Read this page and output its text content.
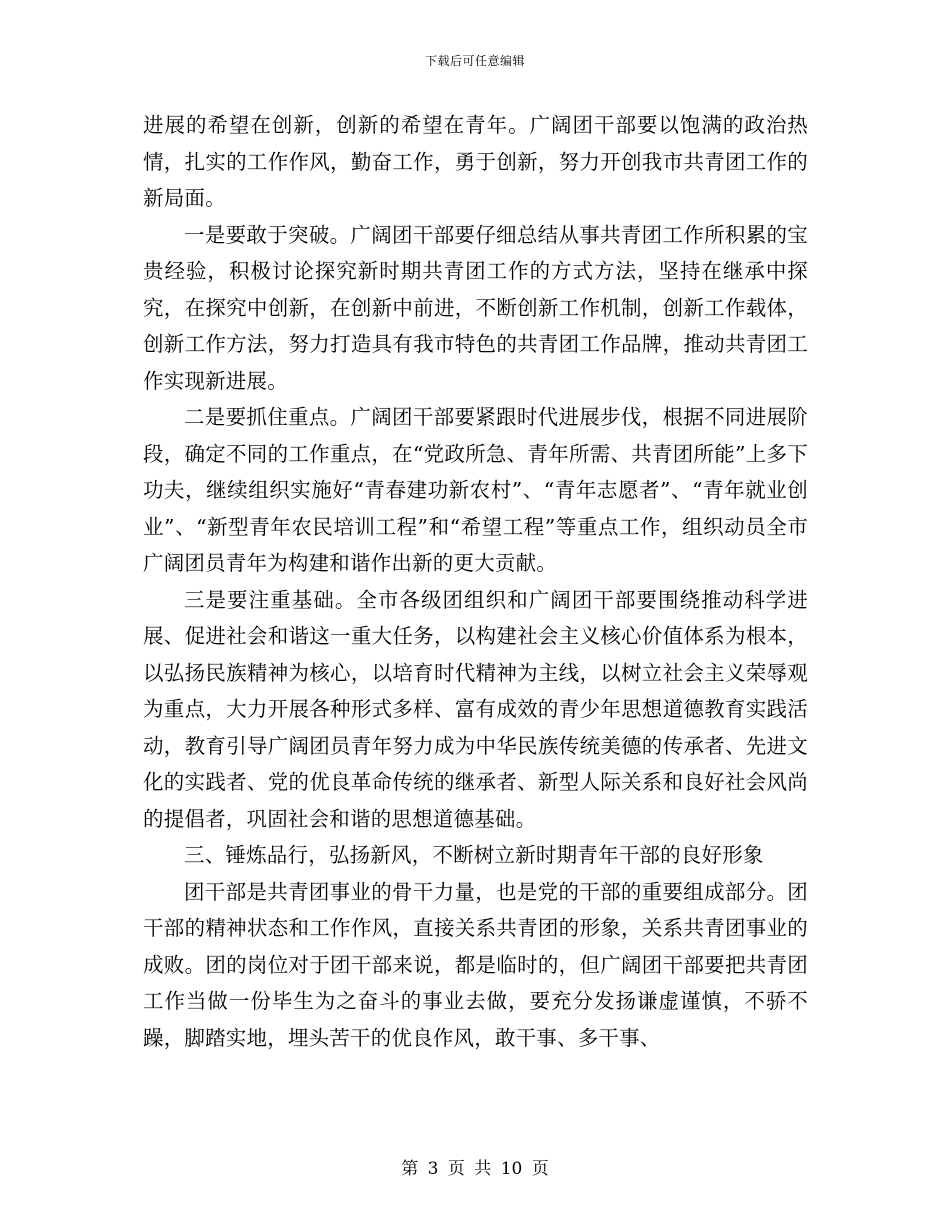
下载后可任意编辑

进展的希望在创新，创新的希望在青年。广阔团干部要以饱满的政治热情，扎实的工作作风，勤奋工作，勇于创新，努力开创我市共青团工作的新局面。

一是要敢于突破。广阔团干部要仔细总结从事共青团工作所积累的宝贵经验，积极讨论探究新时期共青团工作的方式方法，坚持在继承中探究，在探究中创新，在创新中前进，不断创新工作机制，创新工作载体，创新工作方法，努力打造具有我市特色的共青团工作品牌，推动共青团工作实现新进展。

二是要抓住重点。广阔团干部要紧跟时代进展步伐，根据不同进展阶段，确定不同的工作重点，在“党政所急、青年所需、共青团所能”上多下功夫，继续组织实施好“青春建功新农村”、“青年志愿者”、“青年就业创业”、“新型青年农民培训工程”和“希望工程”等重点工作，组织动员全市广阔团员青年为构建和谐作出新的更大贡献。

三是要注重基础。全市各级团组织和广阔团干部要围绕推动科学进展、促进社会和谐这一重大任务，以构建社会主义核心价值体系为根本，以弘扬民族精神为核心，以培育时代精神为主线，以树立社会主义荣辱观为重点，大力开展各种形式多样、富有成效的青少年思想道德教育实践活动，教育引导广阔团员青年努力成为中华民族传统美德的传承者、先进文化的实践者、党的优良革命传统的继承者、新型人际关系和良好社会风尚的提倡者，巩固社会和谐的思想道德基础。

三、锤炼品行，弘扬新风，不断树立新时期青年干部的良好形象

团干部是共青团事业的骨干力量，也是党的干部的重要组成部分。团干部的精神状态和工作作风，直接关系共青团的形象，关系共青团事业的成败。团的岗位对于团干部来说，都是临时的，但广阔团干部要把共青团工作当做一份毕生为之奋斗的事业去做，要充分发扬谦虚谨慎，不骄不躁，脚踏实地，埋头苦干的优良作风，敢干事、多干事、

第 3 页 共 10 页
